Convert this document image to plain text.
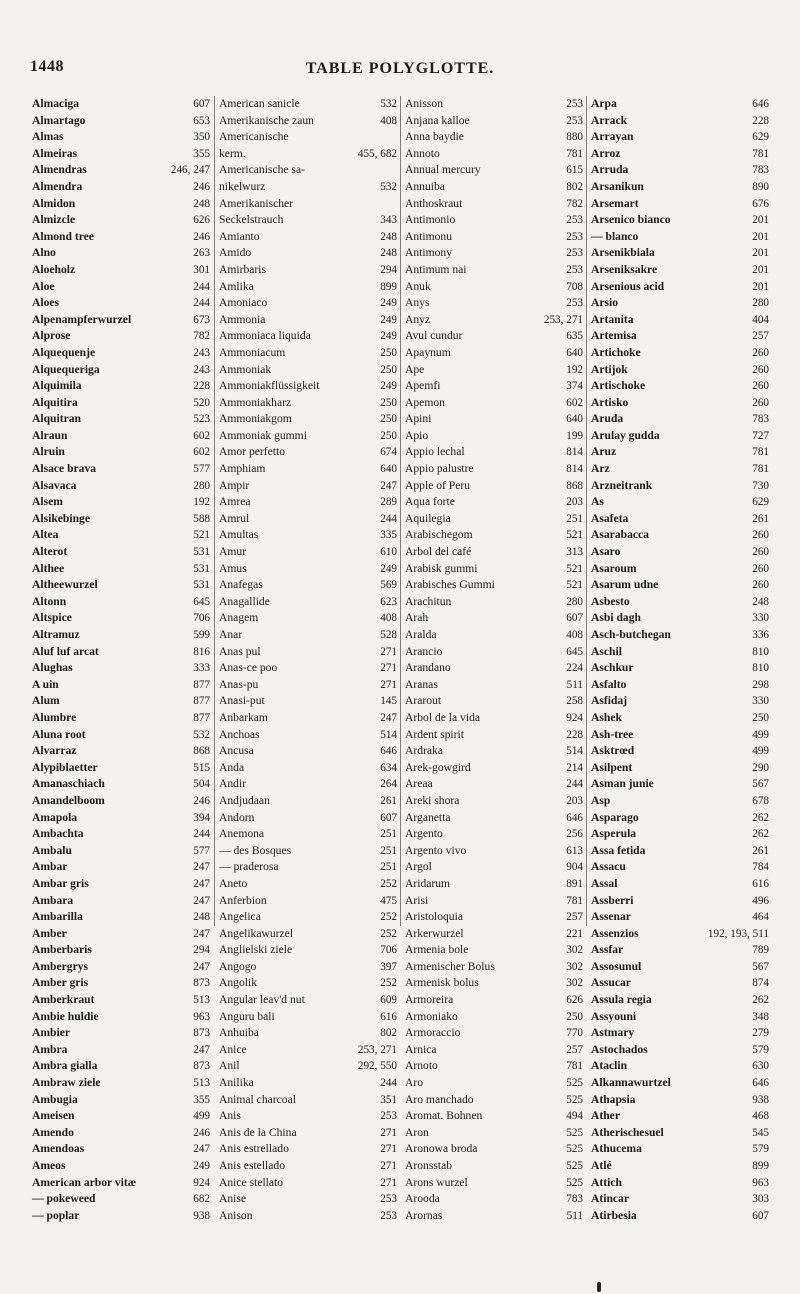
1448	TABLE POLYGLOTTE.
Almaciga	607
Almartago	653
Almas	350
Almeiras	355
Almendras	246, 247
Almendra	246
Almidon	248
Almizcle	626
Almond tree	246
Alno	263
Aloeholz	301
Aloe	244
Aloes	244
Alpenampferwurzel	673
Alprose	782
Alquequenje	243
Alquequeriga	243
Alquimila	228
Alquitira	520
Alquitran	523
Alraun	602
Alruin	602
Alsace brava	577
Alsavaca	280
Alsem	192
Alsikebinge	588
Altea	521
Alterot	531
Althee	531
Altheewurzel	531
Altonn	645
Altspice	706
Altramuz	599
Aluf luf arcat	816
Alughas	333
A uin	877
Alum	877
Alumbre	877
Aluna root	532
Alvarraz	868
Alypiblaetter	515
Amanaschiach	504
Amandelboom	246
Amapola	394
Ambachta	244
Ambalu	577
Ambar	247
Ambar gris	247
Ambara	247
Ambarilla	248
Amber	247
Amberbaris	294
Ambergrys	247
Amber gris	873
Amberkraut	513
Ambie huldie	963
Ambier	873
Ambra	247
Ambra gialla	873
Ambraw ziele	513
Ambugia	355
Ameisen	499
Amendo	246
Amendoas	247
Ameos	249
American arbor vitæ	924
— pokeweed	682
— poplar	938
American sanicle	532
Amerikanische zaun	408
Americanische
kerm.	455, 682
Americanische sa-
nikelwurz	532
Amerikanischer
Seckelstrauch	343
Amianto	248
Amido	248
Amirbaris	294
Amlika	899
Amoniaco	249
Ammonia	249
Ammoniaca liquida	249
Ammoniacum	250
Ammoniak	250
Ammoniakflüssigkeit	249
Ammoniakharz	250
Ammoniakgom	250
Ammoniak gummi	250
Amor perfetto	674
Amphiam	640
Ampir	247
Amrea	289
Amrul	244
Amultas	335
Amur	610
Amus	249
Anafegas	569
Anagallide	623
Anagem	408
Anar	528
Anas pul	271
Anas-ce poo	271
Anas-pu	271
Anasi-put	145
Anbarkam	247
Anchoas	514
Ancusa	646
Anda	634
Andir	264
Andjudaan	261
Andorn	607
Anemona	251
— des Bosques	251
— praderosa	251
Aneto	252
Anferbion	475
Angelica	252
Angelikawurzel	252
Anglielski ziele	706
Angogo	397
Angolik	252
Angular leav'd nut	609
Anguru bali	616
Anhuiba	802
Anice	253, 271
Anil	292, 550
Anilika	244
Animal charcoal	351
Anis	253
Anis de la China	271
Anis estrellado	271
Anis estellado	271
Anice stellato	271
Anise	253
Anison	253
Anisson	253
Anjana kalloe	253
Anna baydie	880
Annoto	781
Annual mercury	615
Annuiba	802
Anthoskraut	782
Antimonio	253
Antimonu	253
Antimony	253
Antimum nai	253
Anuk	708
Anys	253
Anyz	253, 271
Avul cundur	635
Apaynum	640
Ape	192
Apemfi	374
Apemon	602
Apini	640
Apio	199
Appio lechal	814
Appio palustre	814
Apple of Peru	868
Aqua forte	203
Aquilegia	251
Arabischegom	521
Arbol del café	313
Arabisk gummi	521
Arabisches Gummi	521
Arachitun	280
Arah	607
Aralda	408
Arancio	645
Arandano	224
Aranas	511
Ararout	258
Arbol de la vida	924
Ardent spirit	228
Ardraka	514
Arek-gowgird	214
Areaa	244
Areki shora	203
Arganetta	646
Argento	256
Argento vivo	613
Argol	904
Aridarum	891
Arisi	781
Aristoloquia	257
Arkerwurzel	221
Armenia bole	302
Armenischer Bolus	302
Armenisk bolus	302
Armoreira	626
Armoniako	250
Armoraccio	770
Arnica	257
Arnoto	781
Aro	525
Aro manchado	525
Aromat. Bohnen	494
Aron	525
Aronowa broda	525
Aronsstab	525
Arons wurzel	525
Arooda	783
Arornas	511
Arpa	646
Arrack	228
Arrayan	629
Arroz	781
Arruda	783
Arsanikun	890
Arsemart	676
Arsenico bianco	201
— blanco	201
Arsenikbiala	201
Arseniksakre	201
Arsenious acid	201
Arsio	280
Artanita	404
Artemisa	257
Artichoke	260
Artijok	260
Artischoke	260
Artisko	260
Aruda	783
Arulay gudda	727
Aruz	781
Arz	781
Arzneitrank	730
As	629
Asafeta	261
Asarabacca	260
Asaro	260
Asaroum	260
Asarum udne	260
Asbesto	248
Asbi dagh	330
Asch-butchegan	336
Aschil	810
Aschkur	810
Asfalto	298
Asfidaj	330
Ashek	250
Ash-tree	499
Asktrœd	499
Asilpent	290
Asman junie	567
Asp	678
Asparago	262
Asperula	262
Assa fetida	261
Assacu	784
Assal	616
Assberri	496
Assenar	464
Assenzios	192, 193, 511
Assfar	789
Assosunul	567
Assucar	874
Assula regia	262
Assyouni	348
Astmary	279
Astochados	579
Ataclin	630
Alkannawurtzel	646
Athapsia	938
Ather	468
Atherischesuel	545
Athucema	579
Atlé	899
Attich	963
Atincar	303
Atirbesia	607
